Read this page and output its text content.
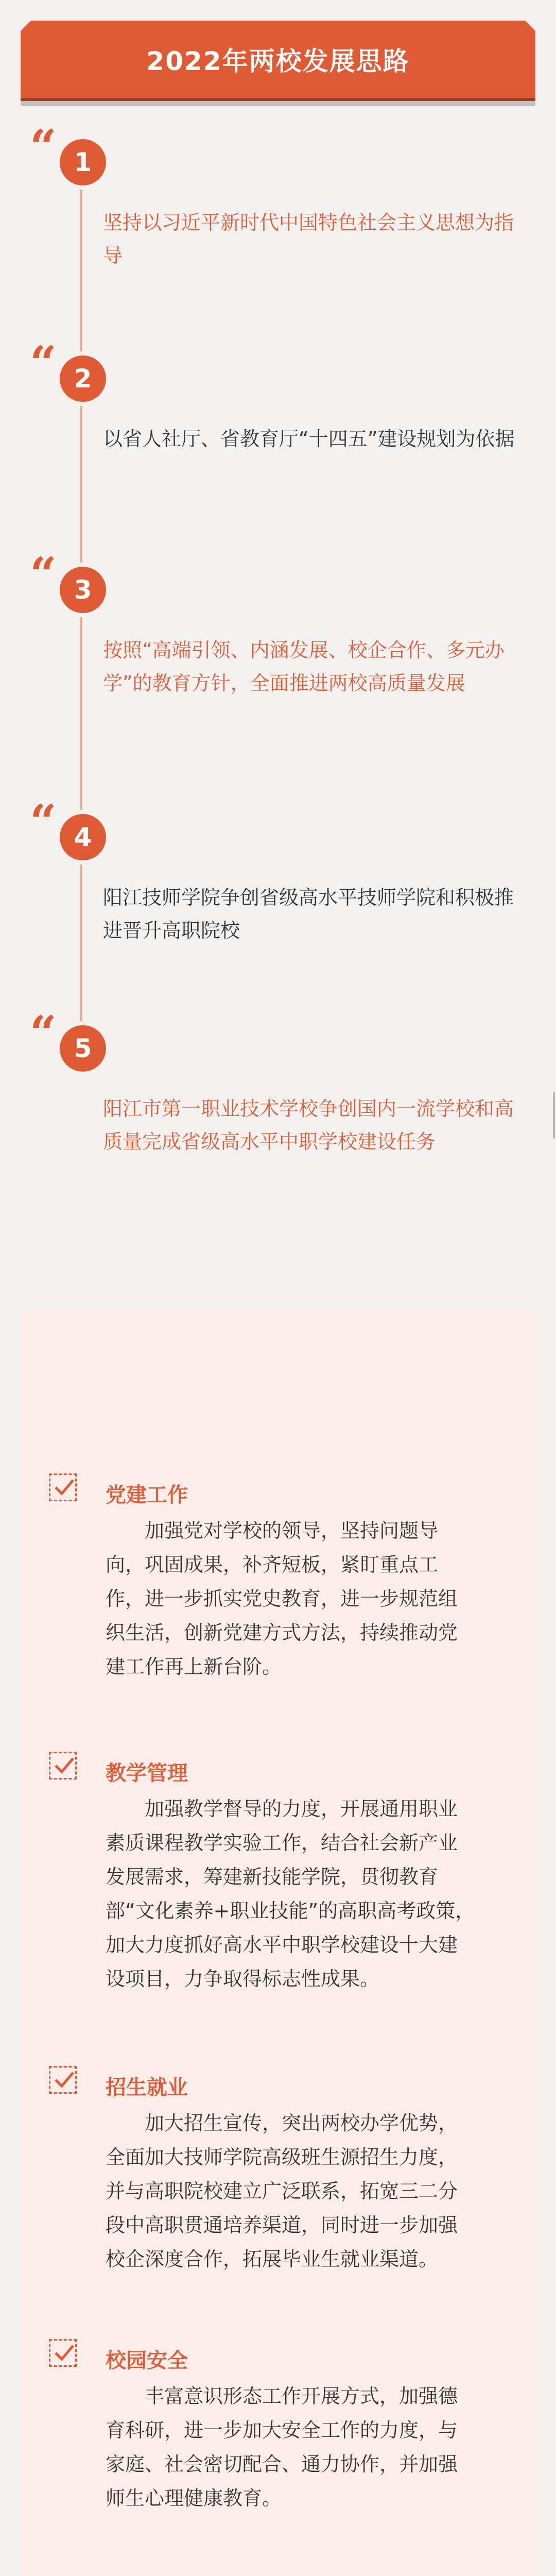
2022年两校发展思路
“ 1
坚持以习近平新时代中国特色社会主义思想为指导
“ 2
以省人社厅、省教育厅“十四五”建设规划为依据
“ 3
按照“高端引领、内涵发展、校企合作、多元办学”的教育方针，全面推进两校高质量发展
“ 4
阳江技师学院争创省级高水平技师学院和积极推进晋升高职院校
“ 5
阳江市第一职业技术学校争创国内一流学校和高质量完成省级高水平中职学校建设任务
党建工作

加强党对学校的领导，坚持问题导向，巩固成果，补齐短板，紧盯重点工作，进一步抓实党史教育，进一步规范组织生活，创新党建方式方法，持续推动党建工作再上新台阶。

教学管理

加强教学督导的力度，开展通用职业素质课程教学实验工作，结合社会新产业发展需求，筹建新技能学院，贯彻教育部“文化素养+职业技能”的高职高考政策，加大力度抓好高水平中职学校建设十大建设项目，力争取得标志性成果。

招生就业

加大招生宣传，突出两校办学优势，全面加大技师学院高级班生源招生力度，并与高职院校建立广泛联系，拓宽三二分段中高职贯通培养渠道，同时进一步加强校企深度合作，拓展毕业生就业渠道。

校园安全

丰富意识形态工作开展方式，加强德育科研，进一步加大安全工作的力度，与家庭、社会密切配合、通力协作，并加强师生心理健康教育。
